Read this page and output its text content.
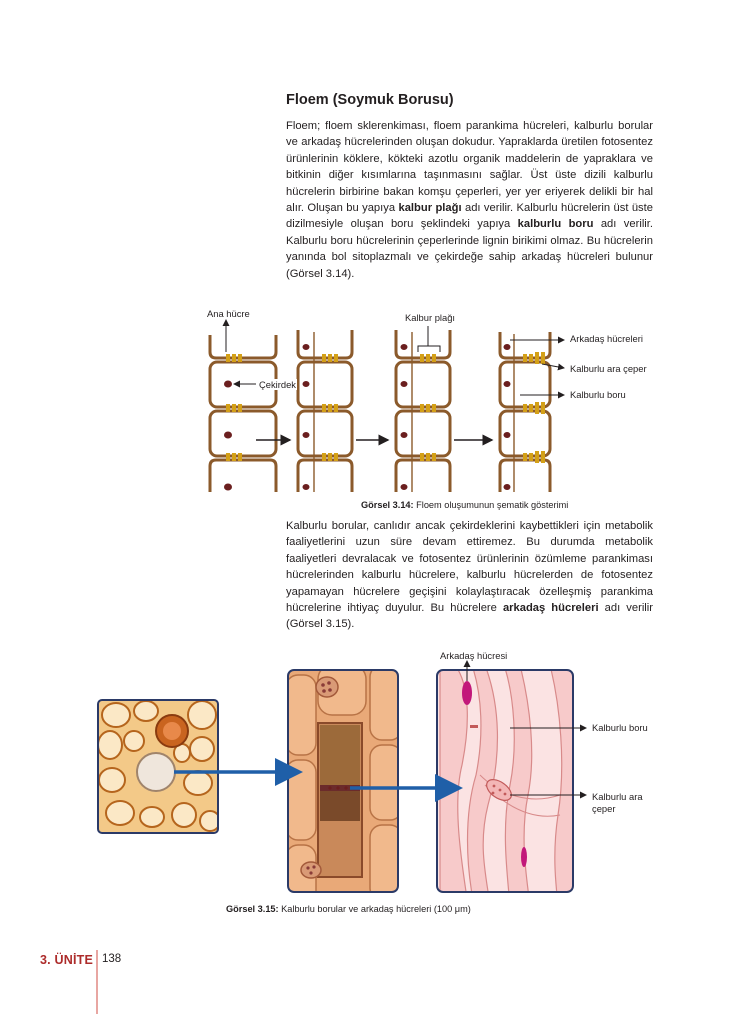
Floem (Soymuk Borusu)

Floem; floem sklerenkiması, floem parankima hücreleri, kalburlu borular ve arkadaş hücrelerinden oluşan dokudur. Yapraklarda üretilen fotosentez ürünlerinin köklere, kökteki azotlu organik maddelerin de yapraklara ve bitkinin diğer kısımlarına taşınmasını sağlar. Üst üste dizili kalburlu hücrelerin birbirine bakan komşu çeperleri, yer yer eriyerek delikli bir hal alır. Oluşan bu yapıya kalbur plağı adı verilir. Kalburlu hücrelerin üst üste dizilmesiyle oluşan boru şeklindeki yapıya kalburlu boru adı verilir. Kalburlu boru hücrelerinin çeperlerinde lignin birikimi olmaz. Bu hücrelerin yanında bol sitoplazmalı ve çekirdeğe sahip arkadaş hücreleri bulunur (Görsel 3.14).

Ana hücre
Çekirdek
Kalbur plağı
Arkadaş hücreleri
Kalburlu ara çeper
Kalburlu boru
Görsel 3.14: Floem oluşumunun şematik gösterimi

Kalburlu borular, canlıdır ancak çekirdeklerini kaybettikleri için metabolik faaliyetlerini uzun süre devam ettiremez. Bu durumda metabolik faaliyetleri devralacak ve fotosentez ürünlerinin özümleme parankiması hücrelerinden kalburlu hücrelere, kalburlu hücrelerden de fotosentez yapamayan hücrelere geçişini kolaylaştıracak özelleşmiş parankima hücrelerine ihtiyaç duyulur. Bu hücrelere arkadaş hücreleri adı verilir (Görsel 3.15).

Arkadaş hücresi
Kalburlu boru
Kalburlu ara
çeper
Görsel 3.15: Kalburlu borular ve arkadaş hücreleri (100 μm)
3. ÜNİTE 138
